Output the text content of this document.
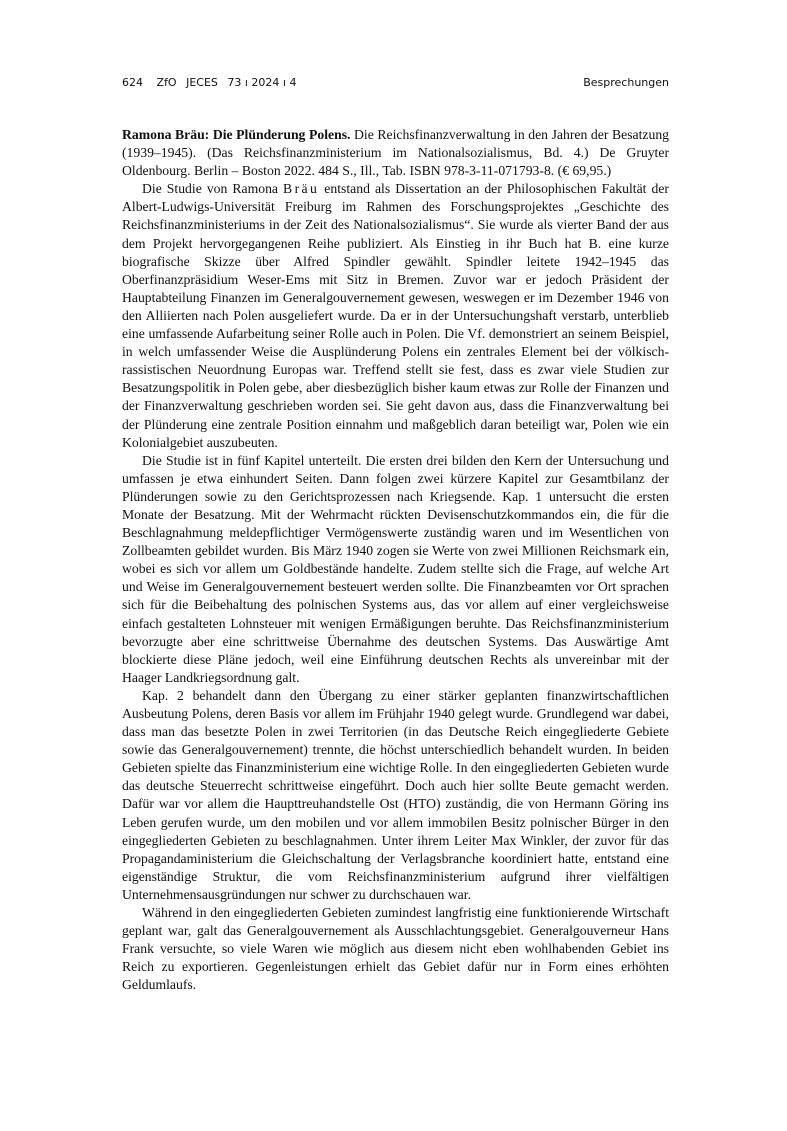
624 ZfO JECES 73 ı 2024 ı 4	Besprechungen

Ramona Bräu: Die Plünderung Polens. Die Reichsfinanzverwaltung in den Jahren der Besatzung (1939–1945). (Das Reichsfinanzministerium im Nationalsozialismus, Bd. 4.) De Gruyter Oldenbourg. Berlin – Boston 2022. 484 S., Ill., Tab. ISBN 978-3-11-071793-8. (€ 69,95.)

Die Studie von Ramona Bräu entstand als Dissertation an der Philosophischen Fakultät der Albert-Ludwigs-Universität Freiburg im Rahmen des Forschungsprojektes „Geschichte des Reichsfinanzministeriums in der Zeit des Nationalsozialismus“. Sie wurde als vierter Band der aus dem Projekt hervorgegangenen Reihe publiziert. Als Einstieg in ihr Buch hat B. eine kurze biografische Skizze über Alfred Spindler gewählt. Spindler leitete 1942–1945 das Oberfinanzpräsidium Weser-Ems mit Sitz in Bremen. Zuvor war er jedoch Präsident der Hauptabteilung Finanzen im Generalgouvernement gewesen, weswegen er im Dezember 1946 von den Alliierten nach Polen ausgeliefert wurde. Da er in der Untersuchungshaft verstarb, unterblieb eine umfassende Aufarbeitung seiner Rolle auch in Polen. Die Vf. demonstriert an seinem Beispiel, in welch umfassender Weise die Ausplünderung Polens ein zentrales Element bei der völkisch-rassistischen Neuordnung Europas war. Treffend stellt sie fest, dass es zwar viele Studien zur Besatzungspolitik in Polen gebe, aber diesbezüglich bisher kaum etwas zur Rolle der Finanzen und der Finanzverwaltung geschrieben worden sei. Sie geht davon aus, dass die Finanzverwaltung bei der Plünderung eine zentrale Position einnahm und maßgeblich daran beteiligt war, Polen wie ein Kolonialgebiet auszubeuten.

Die Studie ist in fünf Kapitel unterteilt. Die ersten drei bilden den Kern der Untersuchung und umfassen je etwa einhundert Seiten. Dann folgen zwei kürzere Kapitel zur Gesamtbilanz der Plünderungen sowie zu den Gerichtsprozessen nach Kriegsende. Kap. 1 untersucht die ersten Monate der Besatzung. Mit der Wehrmacht rückten Devisenschutzkommandos ein, die für die Beschlagnahmung meldepflichtiger Vermögenswerte zuständig waren und im Wesentlichen von Zollbeamten gebildet wurden. Bis März 1940 zogen sie Werte von zwei Millionen Reichsmark ein, wobei es sich vor allem um Goldbestände handelte. Zudem stellte sich die Frage, auf welche Art und Weise im Generalgouvernement besteuert werden sollte. Die Finanzbeamten vor Ort sprachen sich für die Beibehaltung des polnischen Systems aus, das vor allem auf einer vergleichsweise einfach gestalteten Lohnsteuer mit wenigen Ermäßigungen beruhte. Das Reichsfinanzministerium bevorzugte aber eine schrittweise Übernahme des deutschen Systems. Das Auswärtige Amt blockierte diese Pläne jedoch, weil eine Einführung deutschen Rechts als unvereinbar mit der Haager Landkriegsordnung galt.

Kap. 2 behandelt dann den Übergang zu einer stärker geplanten finanzwirtschaftlichen Ausbeutung Polens, deren Basis vor allem im Frühjahr 1940 gelegt wurde. Grundlegend war dabei, dass man das besetzte Polen in zwei Territorien (in das Deutsche Reich eingegliederte Gebiete sowie das Generalgouvernement) trennte, die höchst unterschiedlich behandelt wurden. In beiden Gebieten spielte das Finanzministerium eine wichtige Rolle. In den eingegliederten Gebieten wurde das deutsche Steuerrecht schrittweise eingeführt. Doch auch hier sollte Beute gemacht werden. Dafür war vor allem die Haupttreuhandstelle Ost (HTO) zuständig, die von Hermann Göring ins Leben gerufen wurde, um den mobilen und vor allem immobilen Besitz polnischer Bürger in den eingegliederten Gebieten zu beschlagnahmen. Unter ihrem Leiter Max Winkler, der zuvor für das Propagandaministerium die Gleichschaltung der Verlagsbranche koordiniert hatte, entstand eine eigenständige Struktur, die vom Reichsfinanzministerium aufgrund ihrer vielfältigen Unternehmensausgründungen nur schwer zu durchschauen war.

Während in den eingegliederten Gebieten zumindest langfristig eine funktionierende Wirtschaft geplant war, galt das Generalgouvernement als Ausschlachtungsgebiet. Generalgouverneur Hans Frank versuchte, so viele Waren wie möglich aus diesem nicht eben wohlhabenden Gebiet ins Reich zu exportieren. Gegenleistungen erhielt das Gebiet dafür nur in Form eines erhöhten Geldumlaufs.
